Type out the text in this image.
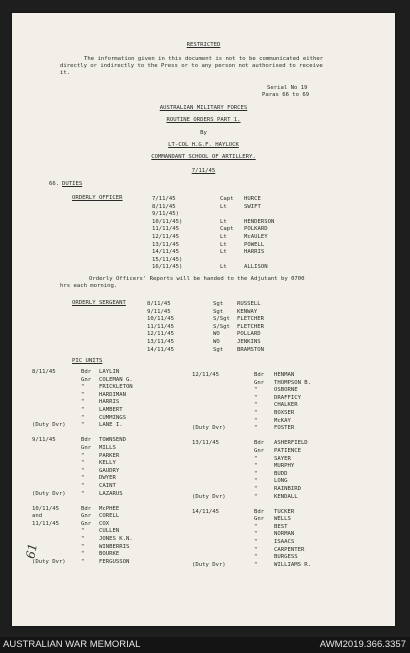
RESTRICTED
The information given in this document is not to be communicated either
directly or indirectly to the Press or to any person not authorised to receive
it.
Serial No 19
Paras 66 to 69
AUSTRALIAN MILITARY FORCES
ROUTINE ORDERS PART 1.
By
LT-COL H.G.F. HAYLOCK
COMMANDANT SCHOOL OF ARTILLERY.
7/11/45
66. DUTIES
ORDERLY OFFICER	7/11/45	Capt HURCE
8/11/45	Lt	SWIFT
9/11/45)
10/11/45)	Lt	HENDERSON
11/11/45	Capt POLKARD
12/11/45	Lt	McAULEY
13/11/45	Lt	POWELL
14/11/45	Lt	HARRIS
15/11/45)
16/11/45)	Lt	ALLISON
Orderly Officers' Reports will be handed to the Adjutant by 0700
hrs each morning.
ORDERLY SERGEANT	8/11/45	Sgt RUSSELL
9/11/45	Sgt KENWAY
10/11/45	S/Sgt FLETCHER
11/11/45	S/Sgt FLETCHER
12/11/45	WO	POLLARD
13/11/45	WO	JENKINS
14/11/45	Sgt BRAMSTON
PIC UNITS
8/11/45	Bdr LAYLIN
Gnr COLEMAN G.
"	FRICKLETON
"	HARDIMAN
"	HARRIS
"	LAMBERT
"	CUMMINGS
(Duty Dvr)	"	LANE I.
9/11/45	Bdr TOWNSEND
Gnr MILLS
"	PARKER
"	KELLY
"	GAUDRY
"	DWYER
"	CAINT
(Duty Dvr)	"	LAZARUS
10/11/45	Bdr McPHEE
and	Gnr CORELL
11/11/45	Gnr COX
"	CULLEN
"	JONES K.N.
"	WINBERRIS
"	BOURKE
(Duty Dvr)	"	FERGUSSON
12/11/45	Bdr HENMAN
Gnr THOMPSON B.
"	OSBORNE
"	DRAFFICY
"	CHALKER
"	BOXSER
"	McKAY
(Duty Dvr)	"	FOSTER
13/11/45	Bdr ASHERFIELD
Gnr PATIENCE
"	SAYER
"	MURPHY
"	BUDD
"	LONG
"	RAINBIRD
(Duty Dvr)	"	KENDALL
14/11/45	Bdr TUCKER
Gnr WELLS
"	BEST
"	NORMAN
"	ISAACS
"	CARPENTER
"	BURGESS
(Duty Dvr)	"	WILLIAMS R.
61
AUSTRALIAN WAR MEMORIAL	AWM2019.366.3357
